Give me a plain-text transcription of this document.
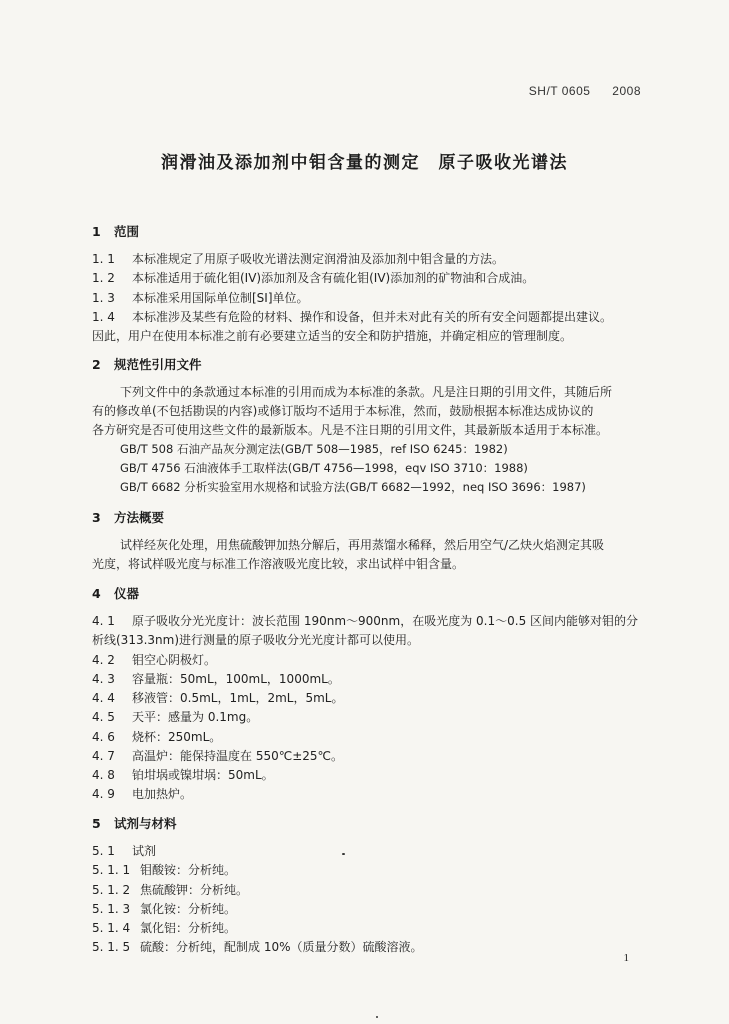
SH/T 0605 2008
润滑油及添加剂中钼含量的测定　原子吸收光谱法
1 范围
1. 1 本标准规定了用原子吸收光谱法测定润滑油及添加剂中钼含量的方法。
1. 2 本标准适用于硫化钼(IV)添加剂及含有硫化钼(IV)添加剂的矿物油和合成油。
1. 3 本标准采用国际单位制[SI]单位。
1. 4 本标准涉及某些有危险的材料、操作和设备，但并未对此有关的所有安全问题都提出建议。
因此，用户在使用本标准之前有必要建立适当的安全和防护措施，并确定相应的管理制度。
2 规范性引用文件
下列文件中的条款通过本标准的引用而成为本标准的条款。凡是注日期的引用文件，其随后所
有的修改单(不包括勘误的内容)或修订版均不适用于本标准，然而，鼓励根据本标准达成协议的
各方研究是否可使用这些文件的最新版本。凡是不注日期的引用文件，其最新版本适用于本标准。
GB/T 508 石油产品灰分测定法(GB/T 508—1985，ref ISO 6245：1982)
GB/T 4756 石油液体手工取样法(GB/T 4756—1998，eqv ISO 3710：1988)
GB/T 6682 分析实验室用水规格和试验方法(GB/T 6682—1992，neq ISO 3696：1987)
3 方法概要
试样经灰化处理，用焦硫酸钾加热分解后，再用蒸馏水稀释，然后用空气/乙炔火焰测定其吸
光度，将试样吸光度与标准工作溶液吸光度比较，求出试样中钼含量。
4 仪器
4. 1 原子吸收分光光度计：波长范围 190nm～900nm，在吸光度为 0.1～0.5 区间内能够对钼的分
析线(313.3nm)进行测量的原子吸收分光光度计都可以使用。
4. 2 钼空心阴极灯。
4. 3 容量瓶：50mL，100mL，1000mL。
4. 4 移液管：0.5mL，1mL，2mL，5mL。
4. 5 天平：感量为 0.1mg。
4. 6 烧杯：250mL。
4. 7 高温炉：能保持温度在 550℃±25℃。
4. 8 铂坩埚或镍坩埚：50mL。
4. 9 电加热炉。
5 试剂与材料
5. 1 试剂
5. 1. 1 钼酸铵：分析纯。
5. 1. 2 焦硫酸钾：分析纯。
5. 1. 3 氯化铵：分析纯。
5. 1. 4 氯化铝：分析纯。
5. 1. 5 硫酸：分析纯，配制成 10%（质量分数）硫酸溶液。
1
